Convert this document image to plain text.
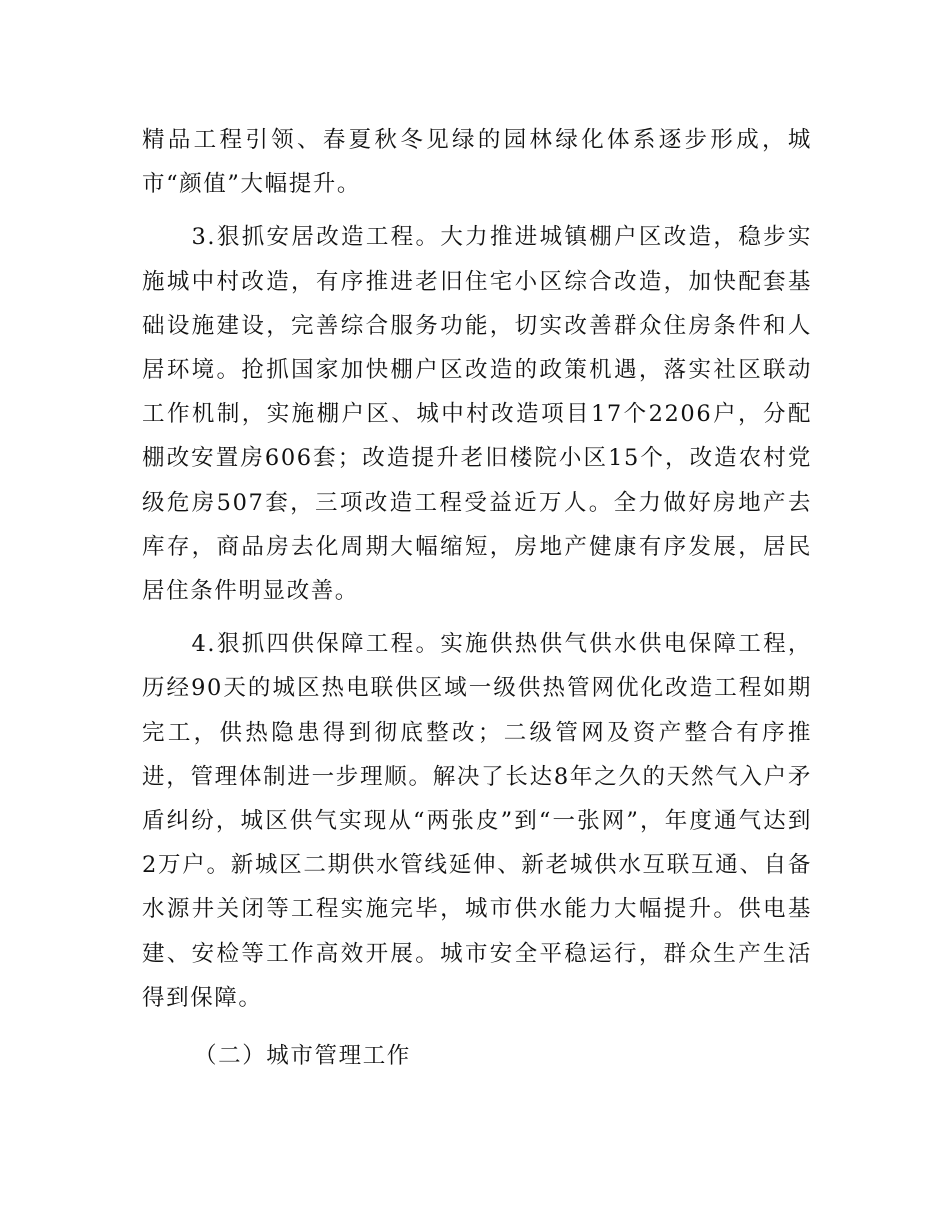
精品工程引领、春夏秋冬见绿的园林绿化体系逐步形成，城市“颜值”大幅提升。

3.狠抓安居改造工程。大力推进城镇棚户区改造，稳步实施城中村改造，有序推进老旧住宅小区综合改造，加快配套基础设施建设，完善综合服务功能，切实改善群众住房条件和人居环境。抢抓国家加快棚户区改造的政策机遇，落实社区联动工作机制，实施棚户区、城中村改造项目17个2206户，分配棚改安置房606套；改造提升老旧楼院小区15个，改造农村党级危房507套，三项改造工程受益近万人。全力做好房地产去库存，商品房去化周期大幅缩短，房地产健康有序发展，居民居住条件明显改善。

4.狠抓四供保障工程。实施供热供气供水供电保障工程，历经90天的城区热电联供区域一级供热管网优化改造工程如期完工，供热隐患得到彻底整改；二级管网及资产整合有序推进，管理体制进一步理顺。解决了长达8年之久的天然气入户矛盾纠纷，城区供气实现从“两张皮”到“一张网”，年度通气达到2万户。新城区二期供水管线延伸、新老城供水互联互通、自备水源井关闭等工程实施完毕，城市供水能力大幅提升。供电基建、安检等工作高效开展。城市安全平稳运行，群众生产生活得到保障。

（二）城市管理工作
